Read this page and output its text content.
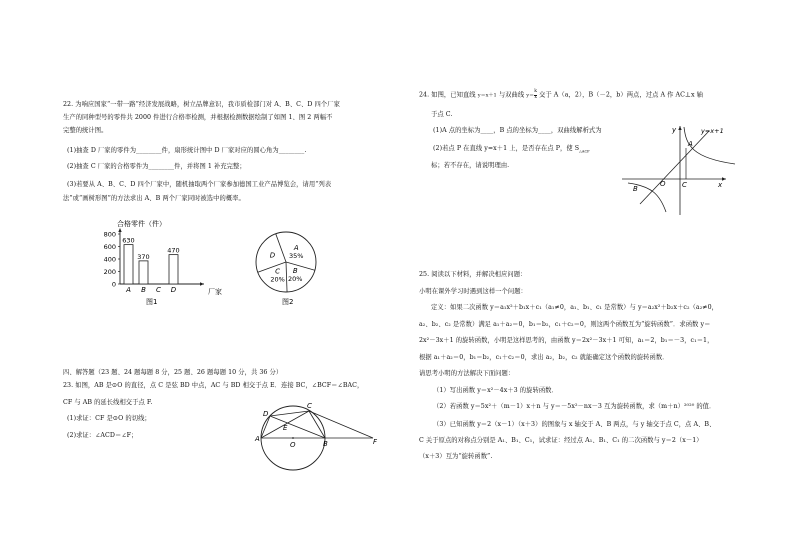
22. 为响应国家“一带一路”经济发展战略，树立品牌意识，我市质检部门对 A、B、C、D 四个厂家
生产的同种型号的零件共 2000 件进行合格率检测，并根据检测数据绘制了如图 1、图 2 两幅不
完整的统计图。
(1)抽查 D 厂家的零件为________件，扇形统计图中 D 厂家对应的圆心角为________.
(2)抽查 C 厂家的合格零件为________件，并将图 1 补充完整；
(3)若要从 A、B、C、D 四个厂家中，随机抽取两个厂家参加德国工业产品博览会，请用“列表
法”或“画树形图”的方法求出 A、B 两个厂家同时被选中的概率。
合格零件（件）
0
200
400
600
800
630
A
370
B C
470
D	厂家
图1
A
35%
B
20%
C
20%
D
图2
四、解答题（23 题、24 题每题 8 分，25 题、26 题每题 10 分，共 36 分）
23. 如图，AB 是⊙O 的直径，点 C 是弦 BD 中点，AC 与 BD 相交于点 E．连接 BC，∠BCF＝∠BAC，
CF 与 AB 的延长线相交于点 F.
(1)求证：CF 是⊙O 的切线；
(2)求证：∠ACD＝∠F；
D
C
E
A
O	B	F
24. 如图，已知直线 y＝x＋1 与双曲线 $y= \frac{k}{x}$ 交于 A（a，2），B（－2，b）两点，过点 A 作 AC⊥x 轴
于点 C.
(1)A 点的坐标为____，B 点的坐标为____，双曲线解析式为
(2)若点 P 在直线 y=x＋1 上，是否存在点 P，使 $S_{\triangle ACP}$
标；若不存在，请说明理由.
y	y=x+1
A
B
O C	x
25. 阅读以下材料，并解决相应问题：
小明在课外学习时遇到这样一个问题：
定义：如果二次函数 y＝a₁x²＋b₁x＋c₁（a₁≠0，a₁、b₁、c₁ 是常数）与 y＝a₂x²＋b₂x＋c₂（a₂≠0，
a₂、b₂、c₂ 是常数）满足 a₁＋a₂＝0，b₁＝b₂，c₁＋c₂＝0，则这两个函数互为“旋转函数”．求函数 y＝
2x²－3x＋1 的旋转函数，小明是这样思考的，由函数 y＝2x²－3x＋1 可知，a₁＝2，b₁＝－3，c₁＝1，
根据 a₁＋a₂＝0，b₁＝b₂，c₁＋c₂＝0，求出 a₂，b₂，c₂ 就能确定这个函数的旋转函数．
请思考小明的方法解决下面问题：
（1）写出函数 y＝x²－4x＋3 的旋转函数．
（2）若函数 y＝5x²＋（m－1）x＋n 与 y＝－5x²－nx－3 互为旋转函数，求（m＋n）²⁰²⁰ 的值．
（3）已知函数 y＝2（x－1）（x＋3）的图象与 x 轴交于 A、B 两点，与 y 轴交于点 C，点 A、B、
C 关于原点的对称点分别是 A₁、B₁、C₁，试求证：经过点 A₁、B₁、C₁ 的二次函数与 y＝2（x－1）
（x＋3）互为“旋转函数”.
